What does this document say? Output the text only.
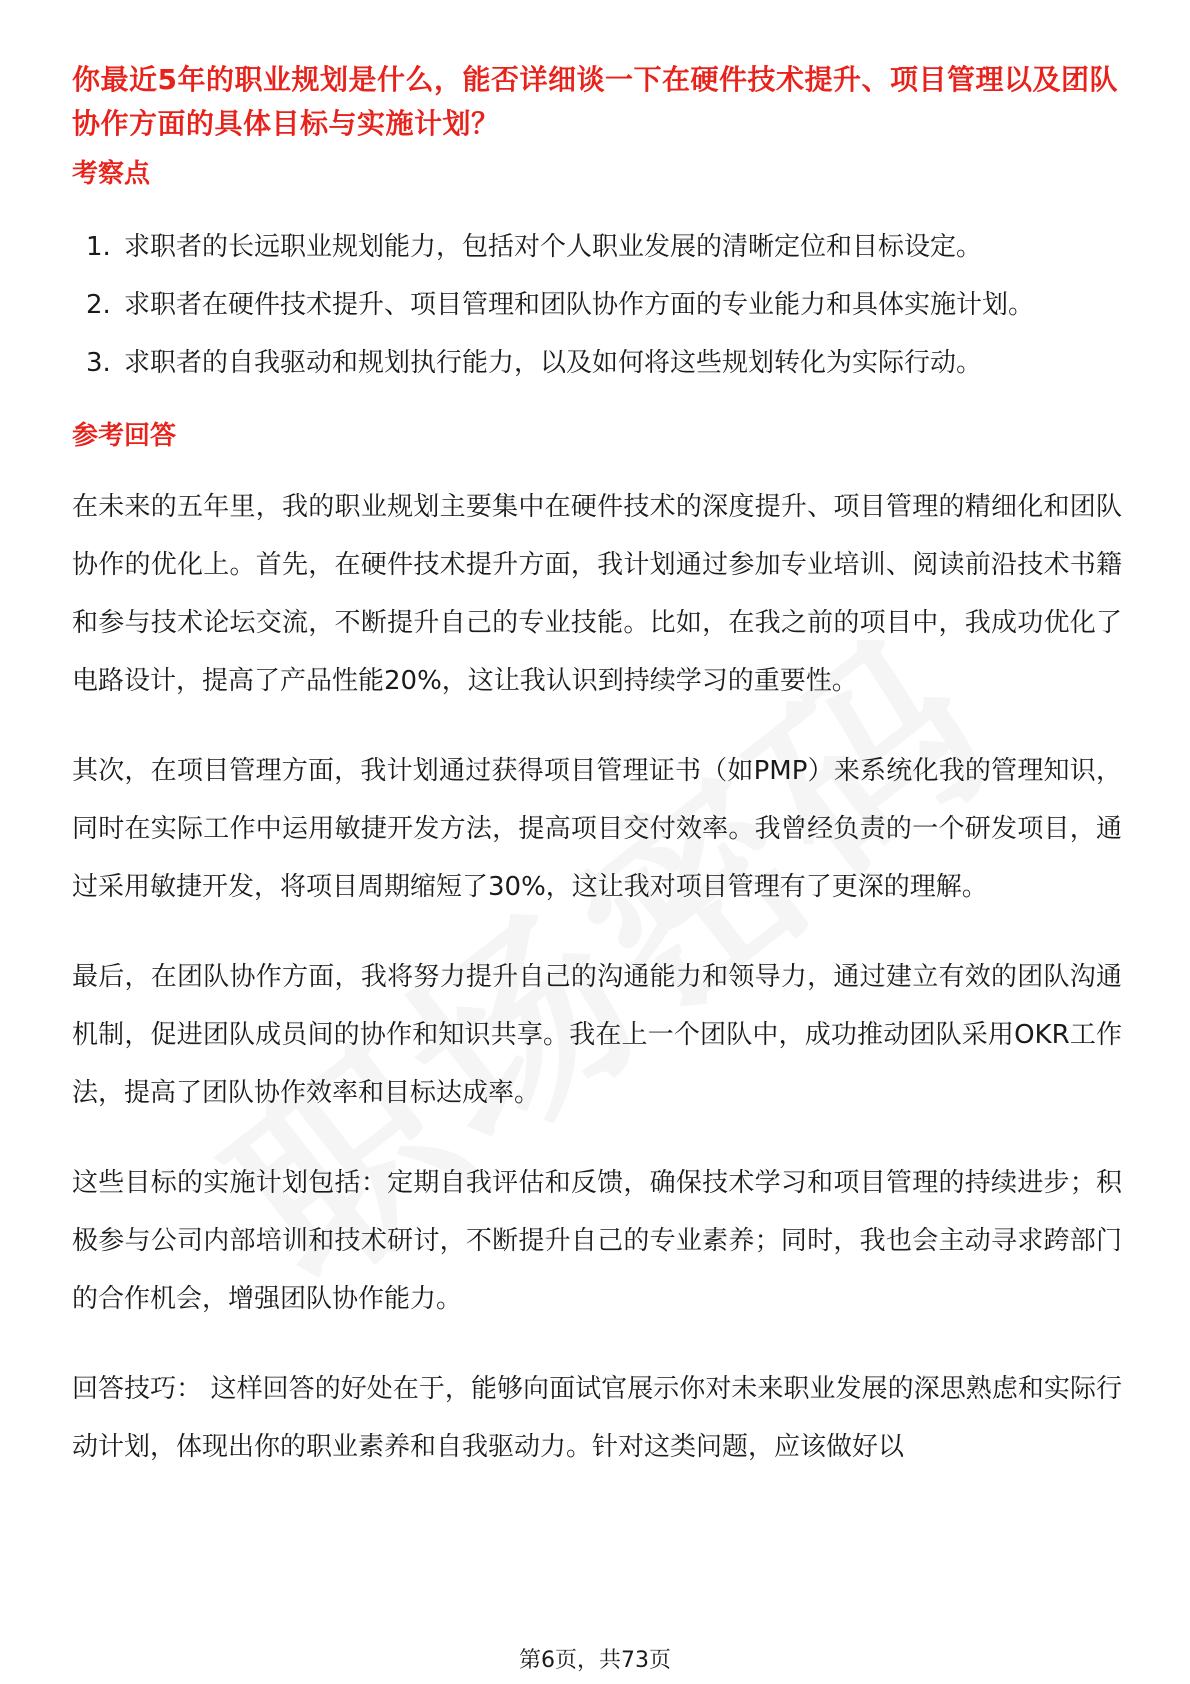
你最近5年的职业规划是什么，能否详细谈一下在硬件技术提升、项目管理以及团队协作方面的具体目标与实施计划？

考察点
1. 求职者的长远职业规划能力，包括对个人职业发展的清晰定位和目标设定。
2. 求职者在硬件技术提升、项目管理和团队协作方面的专业能力和具体实施计划。
3. 求职者的自我驱动和规划执行能力，以及如何将这些规划转化为实际行动。
参考回答

在未来的五年里，我的职业规划主要集中在硬件技术的深度提升、项目管理的精细化和团队协作的优化上。首先，在硬件技术提升方面，我计划通过参加专业培训、阅读前沿技术书籍和参与技术论坛交流，不断提升自己的专业技能。比如，在我之前的项目中，我成功优化了电路设计，提高了产品性能20%，这让我认识到持续学习的重要性。

其次，在项目管理方面，我计划通过获得项目管理证书（如PMP）来系统化我的管理知识，同时在实际工作中运用敏捷开发方法，提高项目交付效率。我曾经负责的一个研发项目，通过采用敏捷开发，将项目周期缩短了30%，这让我对项目管理有了更深的理解。

最后，在团队协作方面，我将努力提升自己的沟通能力和领导力，通过建立有效的团队沟通机制，促进团队成员间的协作和知识共享。我在上一个团队中，成功推动团队采用OKR工作法，提高了团队协作效率和目标达成率。

这些目标的实施计划包括：定期自我评估和反馈，确保技术学习和项目管理的持续进步；积极参与公司内部培训和技术研讨，不断提升自己的专业素养；同时，我也会主动寻求跨部门的合作机会，增强团队协作能力。

回答技巧： 这样回答的好处在于，能够向面试官展示你对未来职业发展的深思熟虑和实际行动计划，体现出你的职业素养和自我驱动力。针对这类问题，应该做好以

第6页，共73页
